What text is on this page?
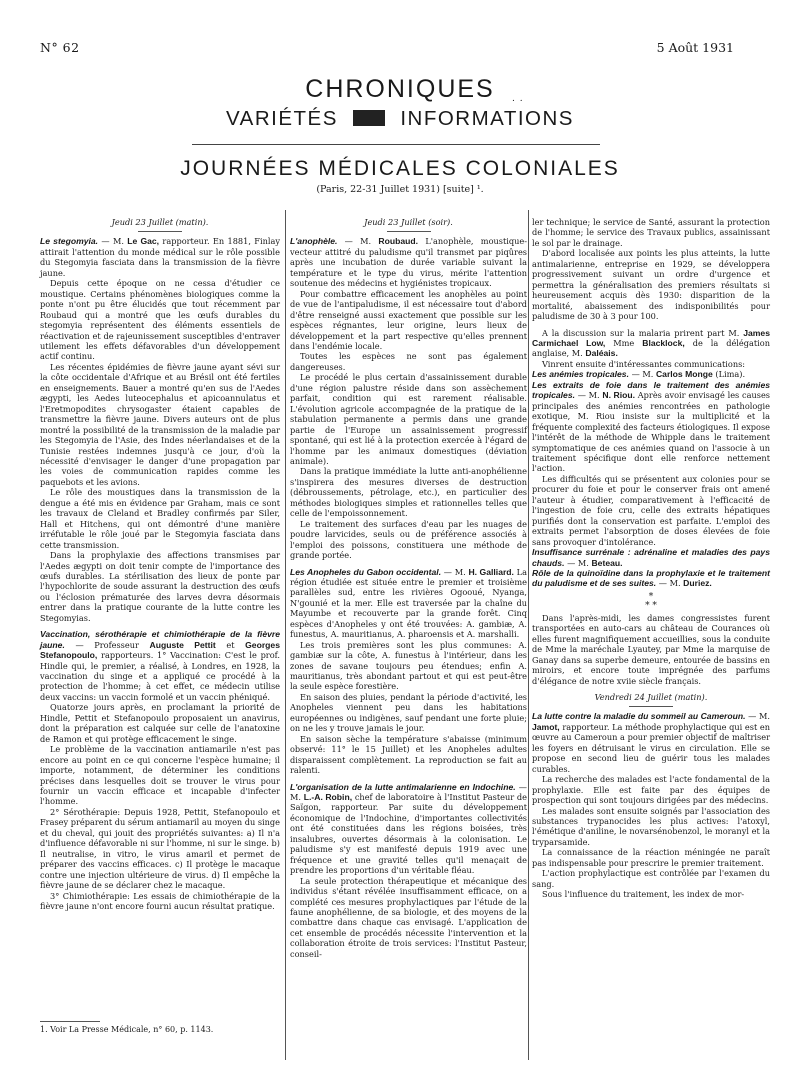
N° 62	5 Août 1931
CHRONIQUES	. .
VARIÉTÉS	INFORMATIONS
JOURNÉES MÉDICALES COLONIALES
(Paris, 22-31 Juillet 1931) [suite] ¹.
Jeudi 23 Juillet (matin).

Le stegomyia. — M. Le Gac, rapporteur. En 1881, Finlay attirait l'attention du monde médical sur le rôle possible du Stegomyia fasciata dans la transmission de la fièvre jaune.

Depuis cette époque on ne cessa d'étudier ce moustique. Certains phénomènes biologiques comme la ponte n'ont pu être élucidés que tout récemment par Roubaud qui a montré que les œufs durables du stegomyia représentent des éléments essentiels de réactivation et de rajeunissement susceptibles d'entraver utilement les effets défavorables d'un développement actif continu.

Les récentes épidémies de fièvre jaune ayant sévi sur la côte occidentale d'Afrique et au Brésil ont été fertiles en enseignements. Bauer a montré qu'en sus de l'Aedes ægypti, les Aedes luteocephalus et apicoannulatus et l'Eretmopodites chrysogaster étaient capables de transmettre la fièvre jaune. Divers auteurs ont de plus montré la possibilité de la transmission de la maladie par les Stegomyia de l'Asie, des Indes néerlandaises et de la Tunisie restées indemnes jusqu'à ce jour, d'où la nécessité d'envisager le danger d'une propagation par les voies de communication rapides comme les paquebots et les avions.

Le rôle des moustiques dans la transmission de la dengue a été mis en évidence par Graham, mais ce sont les travaux de Cleland et Bradley confirmés par Siler, Hall et Hitchens, qui ont démontré d'une manière irréfutable le rôle joué par le Stegomyia fasciata dans cette transmission.

Dans la prophylaxie des affections transmises par l'Aedes ægypti on doit tenir compte de l'importance des œufs durables. La stérilisation des lieux de ponte par l'hypochlorite de soude assurant la destruction des œufs ou l'éclosion prématurée des larves devra désormais entrer dans la pratique courante de la lutte contre les Stegomyias.

Vaccination, sérothérapie et chimiothérapie de la fièvre jaune. — Professeur Auguste Pettit et Georges Stefanopoulo, rapporteurs. 1° Vaccination: C'est le prof. Hindle qui, le premier, a réalisé, à Londres, en 1928, la vaccination du singe et a appliqué ce procédé à la protection de l'homme; à cet effet, ce médecin utilise deux vaccins: un vaccin formolé et un vaccin phéniqué.

Quatorze jours après, en proclamant la priorité de Hindle, Pettit et Stefanopoulo proposaient un anavirus, dont la préparation est calquée sur celle de l'anatoxine de Ramon et qui protège efficacement le singe.

Le problème de la vaccination antiamarile n'est pas encore au point en ce qui concerne l'espèce humaine; il importe, notamment, de déterminer les conditions précises dans lesquelles doit se trouver le virus pour fournir un vaccin efficace et incapable d'infecter l'homme.

2° Sérothérapie: Depuis 1928, Pettit, Stefanopoulo et Frasey préparent du sérum antiamaril au moyen du singe et du cheval, qui jouit des propriétés suivantes: a) Il n'a d'influence défavorable ni sur l'homme, ni sur le singe. b) Il neutralise, in vitro, le virus amaril et permet de préparer des vaccins efficaces. c) Il protège le macaque contre une injection ultérieure de virus. d) Il empêche la fièvre jaune de se déclarer chez le macaque.

3° Chimiothérapie: Les essais de chimiothérapie de la fièvre jaune n'ont encore fourni aucun résultat pratique.

Jeudi 23 Juillet (soir).

L'anophèle. — M. Roubaud. L'anophèle, moustique-vecteur attitré du paludisme qu'il transmet par piqûres après une incubation de durée variable suivant la température et le type du virus, mérite l'attention soutenue des médecins et hygiénistes tropicaux.

Pour combattre efficacement les anophèles au point de vue de l'antipaludisme, il est nécessaire tout d'abord d'être renseigné aussi exactement que possible sur les espèces régnantes, leur origine, leurs lieux de développement et la part respective qu'elles prennent dans l'endémie locale.

Toutes les espèces ne sont pas également dangereuses.

Le procédé le plus certain d'assainissement durable d'une région palustre réside dans son assèchement parfait, condition qui est rarement réalisable. L'évolution agricole accompagnée de la pratique de la stabulation permanente a permis dans une grande partie de l'Europe un assainissement progressif spontané, qui est lié à la protection exercée à l'égard de l'homme par les animaux domestiques (déviation animale).

Dans la pratique immédiate la lutte anti-anophélienne s'inspirera des mesures diverses de destruction (débroussements, pétrolage, etc.), en particulier des méthodes biologiques simples et rationnelles telles que celle de l'empoissonnement.

Le traitement des surfaces d'eau par les nuages de poudre larvicides, seuls ou de préférence associés à l'emploi des poissons, constituera une méthode de grande portée.

Les Anopheles du Gabon occidental. — M. H. Galliard. La région étudiée est située entre le premier et troisième parallèles sud, entre les rivières Ogooué, Nyanga, N'gounié et la mer. Elle est traversée par la chaîne du Mayumbe et recouverte par la grande forêt. Cinq espèces d'Anopheles y ont été trouvées: A. gambiæ, A. funestus, A. mauritianus, A. pharoensis et A. marshalli.

Les trois premières sont les plus communes: A. gambiæ sur la côte, A. funestus à l'intérieur, dans les zones de savane toujours peu étendues; enfin A. mauritianus, très abondant partout et qui est peut-être la seule espèce forestière.

En saison des pluies, pendant la période d'activité, les Anopheles viennent peu dans les habitations européennes ou indigènes, sauf pendant une forte pluie; on ne les y trouve jamais le jour.

En saison sèche la température s'abaisse (minimum observé: 11° le 15 Juillet) et les Anopheles adultes disparaissent complètement. La reproduction se fait au ralenti.

L'organisation de la lutte antimalarienne en Indochine. — M. L.-A. Robin, chef de laboratoire à l'Institut Pasteur de Saïgon, rapporteur. Par suite du développement économique de l'Indochine, d'importantes collectivités ont été constituées dans les régions boisées, très insalubres, ouvertes désormais à la colonisation. Le paludisme s'y est manifesté depuis 1919 avec une fréquence et une gravité telles qu'il menaçait de prendre les proportions d'un véritable fléau.

La seule protection thérapeutique et mécanique des individus s'étant révélée insuffisamment efficace, on a complété ces mesures prophylactiques par l'étude de la faune anophélienne, de sa biologie, et des moyens de la combattre dans chaque cas envisagé. L'application de cet ensemble de procédés nécessite l'intervention et la collaboration étroite de trois services: l'Institut Pasteur, conseil-

ler technique; le service de Santé, assurant la protection de l'homme; le service des Travaux publics, assainissant le sol par le drainage.

D'abord localisée aux points les plus atteints, la lutte antimalarienne, entreprise en 1929, se développera progressivement suivant un ordre d'urgence et permettra la généralisation des premiers résultats si heureusement acquis dès 1930: disparition de la mortalité, abaissement des indisponibilités pour paludisme de 30 à 3 pour 100.

A la discussion sur la malaria prirent part M. James Carmichael Low, Mme Blacklock, de la délégation anglaise, M. Daléais.

Vinrent ensuite d'intéressantes communications:

Les anémies tropicales. — M. Carlos Monge (Lima).

Les extraits de foie dans le traitement des anémies tropicales. — M. N. Riou. Après avoir envisagé les causes principales des anémies rencontrées en pathologie exotique, M. Riou insiste sur la multiplicité et la fréquente complexité des facteurs étiologiques. Il expose l'intérêt de la méthode de Whipple dans le traitement symptomatique de ces anémies quand on l'associe à un traitement spécifique dont elle renforce nettement l'action.

Les difficultés qui se présentent aux colonies pour se procurer du foie et pour le conserver frais ont amené l'auteur à étudier, comparativement à l'efficacité de l'ingestion de foie cru, celle des extraits hépatiques purifiés dont la conservation est parfaite. L'emploi des extraits permet l'absorption de doses élevées de foie sans provoquer d'intolérance.

Insuffisance surrénale : adrénaline et maladies des pays chauds. — M. Beteau.

Rôle de la quinoïdine dans la prophylaxie et le traitement du paludisme et de ses suites. — M. Duriez.

*
* *

Dans l'après-midi, les dames congressistes furent transportées en auto-cars au château de Courances où elles furent magnifiquement accueillies, sous la conduite de Mme la maréchale Lyautey, par Mme la marquise de Ganay dans sa superbe demeure, entourée de bassins en miroirs, et encore toute imprégnée des parfums d'élégance de notre xviie siècle français.

Vendredi 24 Juillet (matin).

La lutte contre la maladie du sommeil au Cameroun. — M. Jamot, rapporteur. La méthode prophylactique qui est en œuvre au Cameroun a pour premier objectif de maîtriser les foyers en détruisant le virus en circulation. Elle se propose en second lieu de guérir tous les malades curables.

La recherche des malades est l'acte fondamental de la prophylaxie. Elle est faite par des équipes de prospection qui sont toujours dirigées par des médecins.

Les malades sont ensuite soignés par l'association des substances trypanocides les plus actives: l'atoxyl, l'émétique d'aniline, le novarsénobenzol, le moranyl et la tryparsamide.

La connaissance de la réaction méningée ne paraît pas indispensable pour prescrire le premier traitement.

L'action prophylactique est contrôlée par l'examen du sang.

Sous l'influence du traitement, les index de mor-

1. Voir La Presse Médicale, n° 60, p. 1143.
